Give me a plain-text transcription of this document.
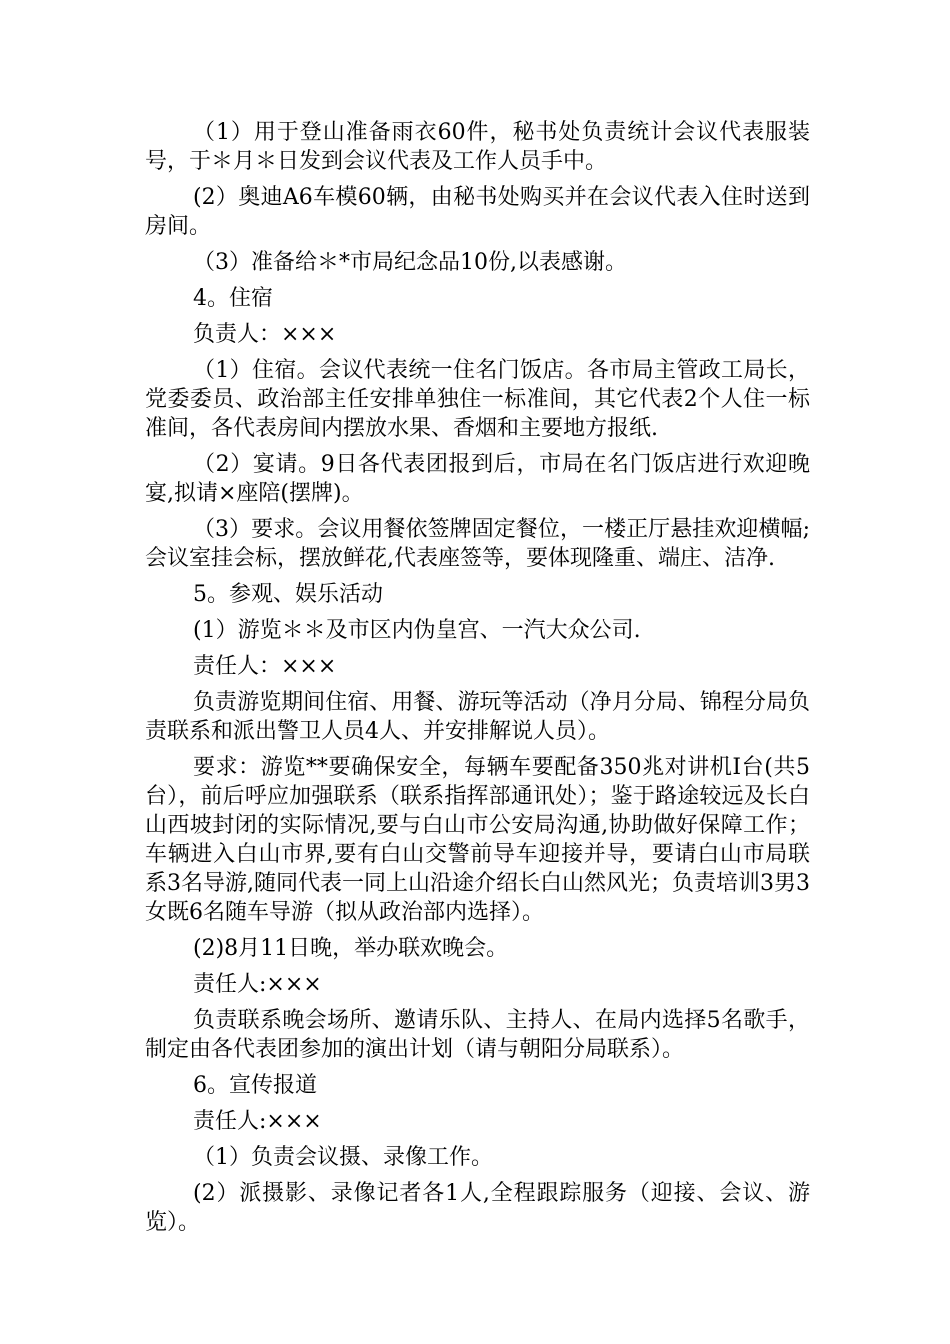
（1）用于登山准备雨衣60件，秘书处负责统计会议代表服装号，于＊月＊日发到会议代表及工作人员手中。

(2）奥迪A6车模60辆，由秘书处购买并在会议代表入住时送到房间。

（3）准备给＊*市局纪念品10份,以表感谢。

4。住宿

负责人：×××

（1）住宿。会议代表统一住名门饭店。各市局主管政工局长，党委委员、政治部主任安排单独住一标准间，其它代表2个人住一标准间，各代表房间内摆放水果、香烟和主要地方报纸.

（2）宴请。9日各代表团报到后，市局在名门饭店进行欢迎晚宴,拟请×座陪(摆牌)。

（3）要求。会议用餐依签牌固定餐位，一楼正厅悬挂欢迎横幅;会议室挂会标，摆放鲜花,代表座签等，要体现隆重、端庄、洁净.

5。参观、娱乐活动

(1）游览＊＊及市区内伪皇宫、一汽大众公司.

责任人：×××

负责游览期间住宿、用餐、游玩等活动（净月分局、锦程分局负责联系和派出警卫人员4人、并安排解说人员）。

要求：游览**要确保安全，每辆车要配备350兆对讲机I台(共5台），前后呼应加强联系（联系指挥部通讯处）；鉴于路途较远及长白山西坡封闭的实际情况,要与白山市公安局沟通,协助做好保障工作；车辆进入白山市界,要有白山交警前导车迎接并导，要请白山市局联系3名导游,随同代表一同上山沿途介绍长白山然风光；负责培训3男3女既6名随车导游（拟从政治部内选择）。

(2)8月11日晚，举办联欢晚会。

责任人:×××

负责联系晚会场所、邀请乐队、主持人、在局内选择5名歌手，制定由各代表团参加的演出计划（请与朝阳分局联系）。

6。宣传报道

责任人:×××

（1）负责会议摄、录像工作。

(2）派摄影、录像记者各1人,全程跟踪服务（迎接、会议、游览）。
